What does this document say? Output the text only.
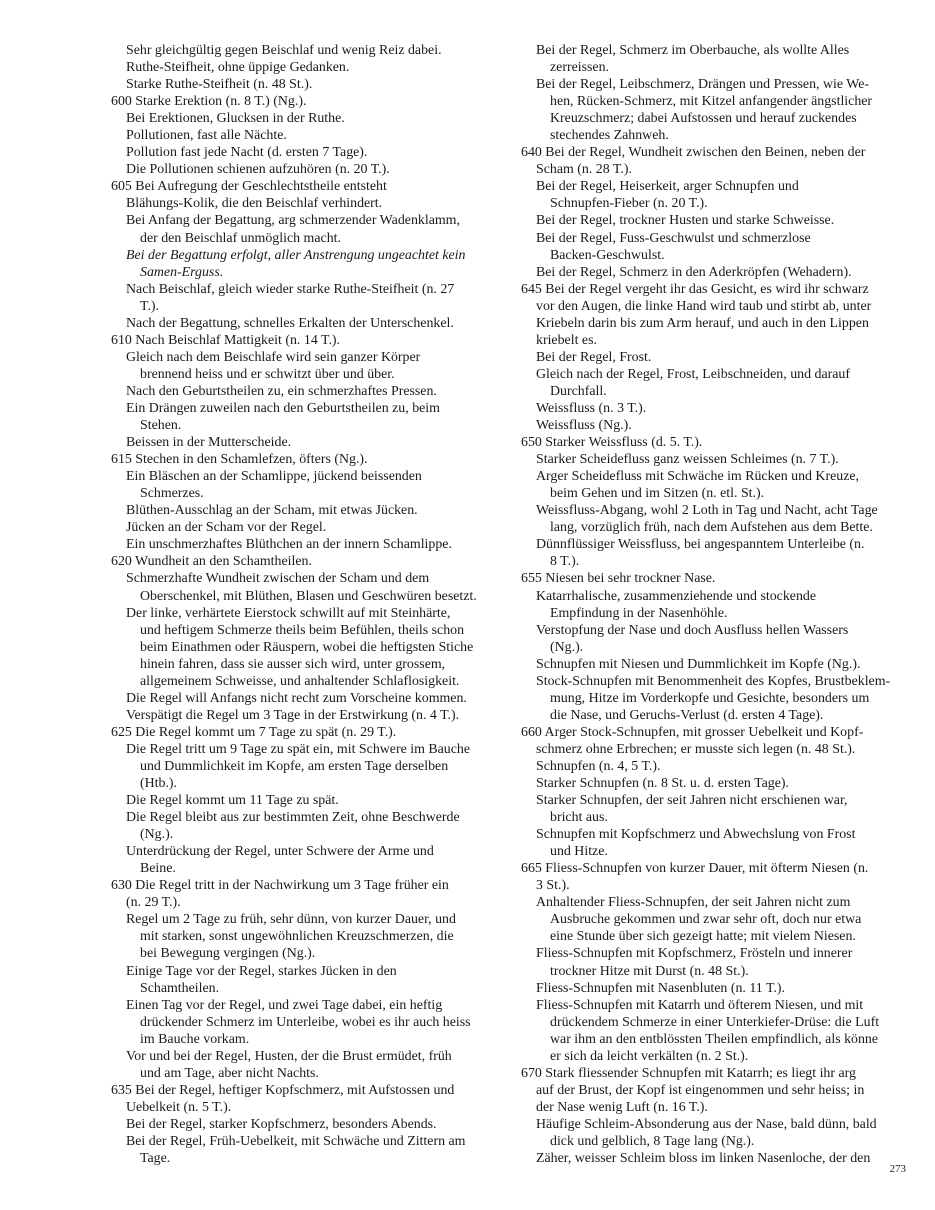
Sehr gleichgültig gegen Beischlaf und wenig Reiz dabei.
Ruthe-Steifheit, ohne üppige Gedanken.
Starke Ruthe-Steifheit (n. 48 St.).
600 Starke Erektion (n. 8 T.) (Ng.).
Bei Erektionen, Glucksen in der Ruthe.
Pollutionen, fast alle Nächte.
Pollution fast jede Nacht (d. ersten 7 Tage).
Die Pollutionen schienen aufzuhören (n. 20 T.).
605 Bei Aufregung der Geschlechtstheile entsteht
Blähungs-Kolik, die den Beischlaf verhindert.
Bei Anfang der Begattung, arg schmerzender Wadenklamm,
der den Beischlaf unmöglich macht.
Bei der Begattung erfolgt, aller Anstrengung ungeachtet kein
Samen-Erguss.
Nach Beischlaf, gleich wieder starke Ruthe-Steifheit (n. 27
T.).
Nach der Begattung, schnelles Erkalten der Unterschenkel.
610 Nach Beischlaf Mattigkeit (n. 14 T.).
Gleich nach dem Beischlafe wird sein ganzer Körper
brennend heiss und er schwitzt über und über.
Nach den Geburtstheilen zu, ein schmerzhaftes Pressen.
Ein Drängen zuweilen nach den Geburtstheilen zu, beim
Stehen.
Beissen in der Mutterscheide.
615 Stechen in den Schamlefzen, öfters (Ng.).
Ein Bläschen an der Schamlippe, jückend beissenden
Schmerzes.
Blüthen-Ausschlag an der Scham, mit etwas Jücken.
Jücken an der Scham vor der Regel.
Ein unschmerzhaftes Blüthchen an der innern Schamlippe.
620 Wundheit an den Schamtheilen.
Schmerzhafte Wundheit zwischen der Scham und dem
Oberschenkel, mit Blüthen, Blasen und Geschwüren besetzt.
Der linke, verhärtete Eierstock schwillt auf mit Steinhärte,
und heftigem Schmerze theils beim Befühlen, theils schon
beim Einathmen oder Räuspern, wobei die heftigsten Stiche
hinein fahren, dass sie ausser sich wird, unter grossem,
allgemeinem Schweisse, und anhaltender Schlaflosigkeit.
Die Regel will Anfangs nicht recht zum Vorscheine kommen.
Verspätigt die Regel um 3 Tage in der Erstwirkung (n. 4 T.).
625 Die Regel kommt um 7 Tage zu spät (n. 29 T.).
Die Regel tritt um 9 Tage zu spät ein, mit Schwere im Bauche
und Dummlichkeit im Kopfe, am ersten Tage derselben
(Htb.).
Die Regel kommt um 11 Tage zu spät.
Die Regel bleibt aus zur bestimmten Zeit, ohne Beschwerde
(Ng.).
Unterdrückung der Regel, unter Schwere der Arme und
Beine.
630 Die Regel tritt in der Nachwirkung um 3 Tage früher ein
(n. 29 T.).
Regel um 2 Tage zu früh, sehr dünn, von kurzer Dauer, und
mit starken, sonst ungewöhnlichen Kreuzschmerzen, die
bei Bewegung vergingen (Ng.).
Einige Tage vor der Regel, starkes Jücken in den
Schamtheilen.
Einen Tag vor der Regel, und zwei Tage dabei, ein heftig
drückender Schmerz im Unterleibe, wobei es ihr auch heiss
im Bauche vorkam.
Vor und bei der Regel, Husten, der die Brust ermüdet, früh
und am Tage, aber nicht Nachts.
635 Bei der Regel, heftiger Kopfschmerz, mit Aufstossen und
Uebelkeit (n. 5 T.).
Bei der Regel, starker Kopfschmerz, besonders Abends.
Bei der Regel, Früh-Uebelkeit, mit Schwäche und Zittern am
Tage.
Bei der Regel, Schmerz im Oberbauche, als wollte Alles
zerreissen.
Bei der Regel, Leibschmerz, Drängen und Pressen, wie We-
hen, Rücken-Schmerz, mit Kitzel anfangender ängstlicher
Kreuzschmerz; dabei Aufstossen und herauf zuckendes
stechendes Zahnweh.
640 Bei der Regel, Wundheit zwischen den Beinen, neben der
Scham (n. 28 T.).
Bei der Regel, Heiserkeit, arger Schnupfen und
Schnupfen-Fieber (n. 20 T.).
Bei der Regel, trockner Husten und starke Schweisse.
Bei der Regel, Fuss-Geschwulst und schmerzlose
Backen-Geschwulst.
Bei der Regel, Schmerz in den Aderkröpfen (Wehadern).
645 Bei der Regel vergeht ihr das Gesicht, es wird ihr schwarz
vor den Augen, die linke Hand wird taub und stirbt ab, unter
Kriebeln darin bis zum Arm herauf, und auch in den Lippen
kriebelt es.
Bei der Regel, Frost.
Gleich nach der Regel, Frost, Leibschneiden, und darauf
Durchfall.
Weissfluss (n. 3 T.).
Weissfluss (Ng.).
650 Starker Weissfluss (d. 5. T.).
Starker Scheidefluss ganz weissen Schleimes (n. 7 T.).
Arger Scheidefluss mit Schwäche im Rücken und Kreuze,
beim Gehen und im Sitzen (n. etl. St.).
Weissfluss-Abgang, wohl 2 Loth in Tag und Nacht, acht Tage
lang, vorzüglich früh, nach dem Aufstehen aus dem Bette.
Dünnflüssiger Weissfluss, bei angespanntem Unterleibe (n.
8 T.).
655 Niesen bei sehr trockner Nase.
Katarrhalische, zusammenziehende und stockende
Empfindung in der Nasenhöhle.
Verstopfung der Nase und doch Ausfluss hellen Wassers
(Ng.).
Schnupfen mit Niesen und Dummlichkeit im Kopfe (Ng.).
Stock-Schnupfen mit Benommenheit des Kopfes, Brustbeklem-
mung, Hitze im Vorderkopfe und Gesichte, besonders um
die Nase, und Geruchs-Verlust (d. ersten 4 Tage).
660 Arger Stock-Schnupfen, mit grosser Uebelkeit und Kopf-
schmerz ohne Erbrechen; er musste sich legen (n. 48 St.).
Schnupfen (n. 4, 5 T.).
Starker Schnupfen (n. 8 St. u. d. ersten Tage).
Starker Schnupfen, der seit Jahren nicht erschienen war,
bricht aus.
Schnupfen mit Kopfschmerz und Abwechslung von Frost
und Hitze.
665 Fliess-Schnupfen von kurzer Dauer, mit öfterm Niesen (n.
3 St.).
Anhaltender Fliess-Schnupfen, der seit Jahren nicht zum
Ausbruche gekommen und zwar sehr oft, doch nur etwa
eine Stunde über sich gezeigt hatte; mit vielem Niesen.
Fliess-Schnupfen mit Kopfschmerz, Frösteln und innerer
trockner Hitze mit Durst (n. 48 St.).
Fliess-Schnupfen mit Nasenbluten (n. 11 T.).
Fliess-Schnupfen mit Katarrh und öfterem Niesen, und mit
drückendem Schmerze in einer Unterkiefer-Drüse: die Luft
war ihm an den entblössten Theilen empfindlich, als könne
er sich da leicht verkälten (n. 2 St.).
670 Stark fliessender Schnupfen mit Katarrh; es liegt ihr arg
auf der Brust, der Kopf ist eingenommen und sehr heiss; in
der Nase wenig Luft (n. 16 T.).
Häufige Schleim-Absonderung aus der Nase, bald dünn, bald
dick und gelblich, 8 Tage lang (Ng.).
Zäher, weisser Schleim bloss im linken Nasenloche, der den
273
